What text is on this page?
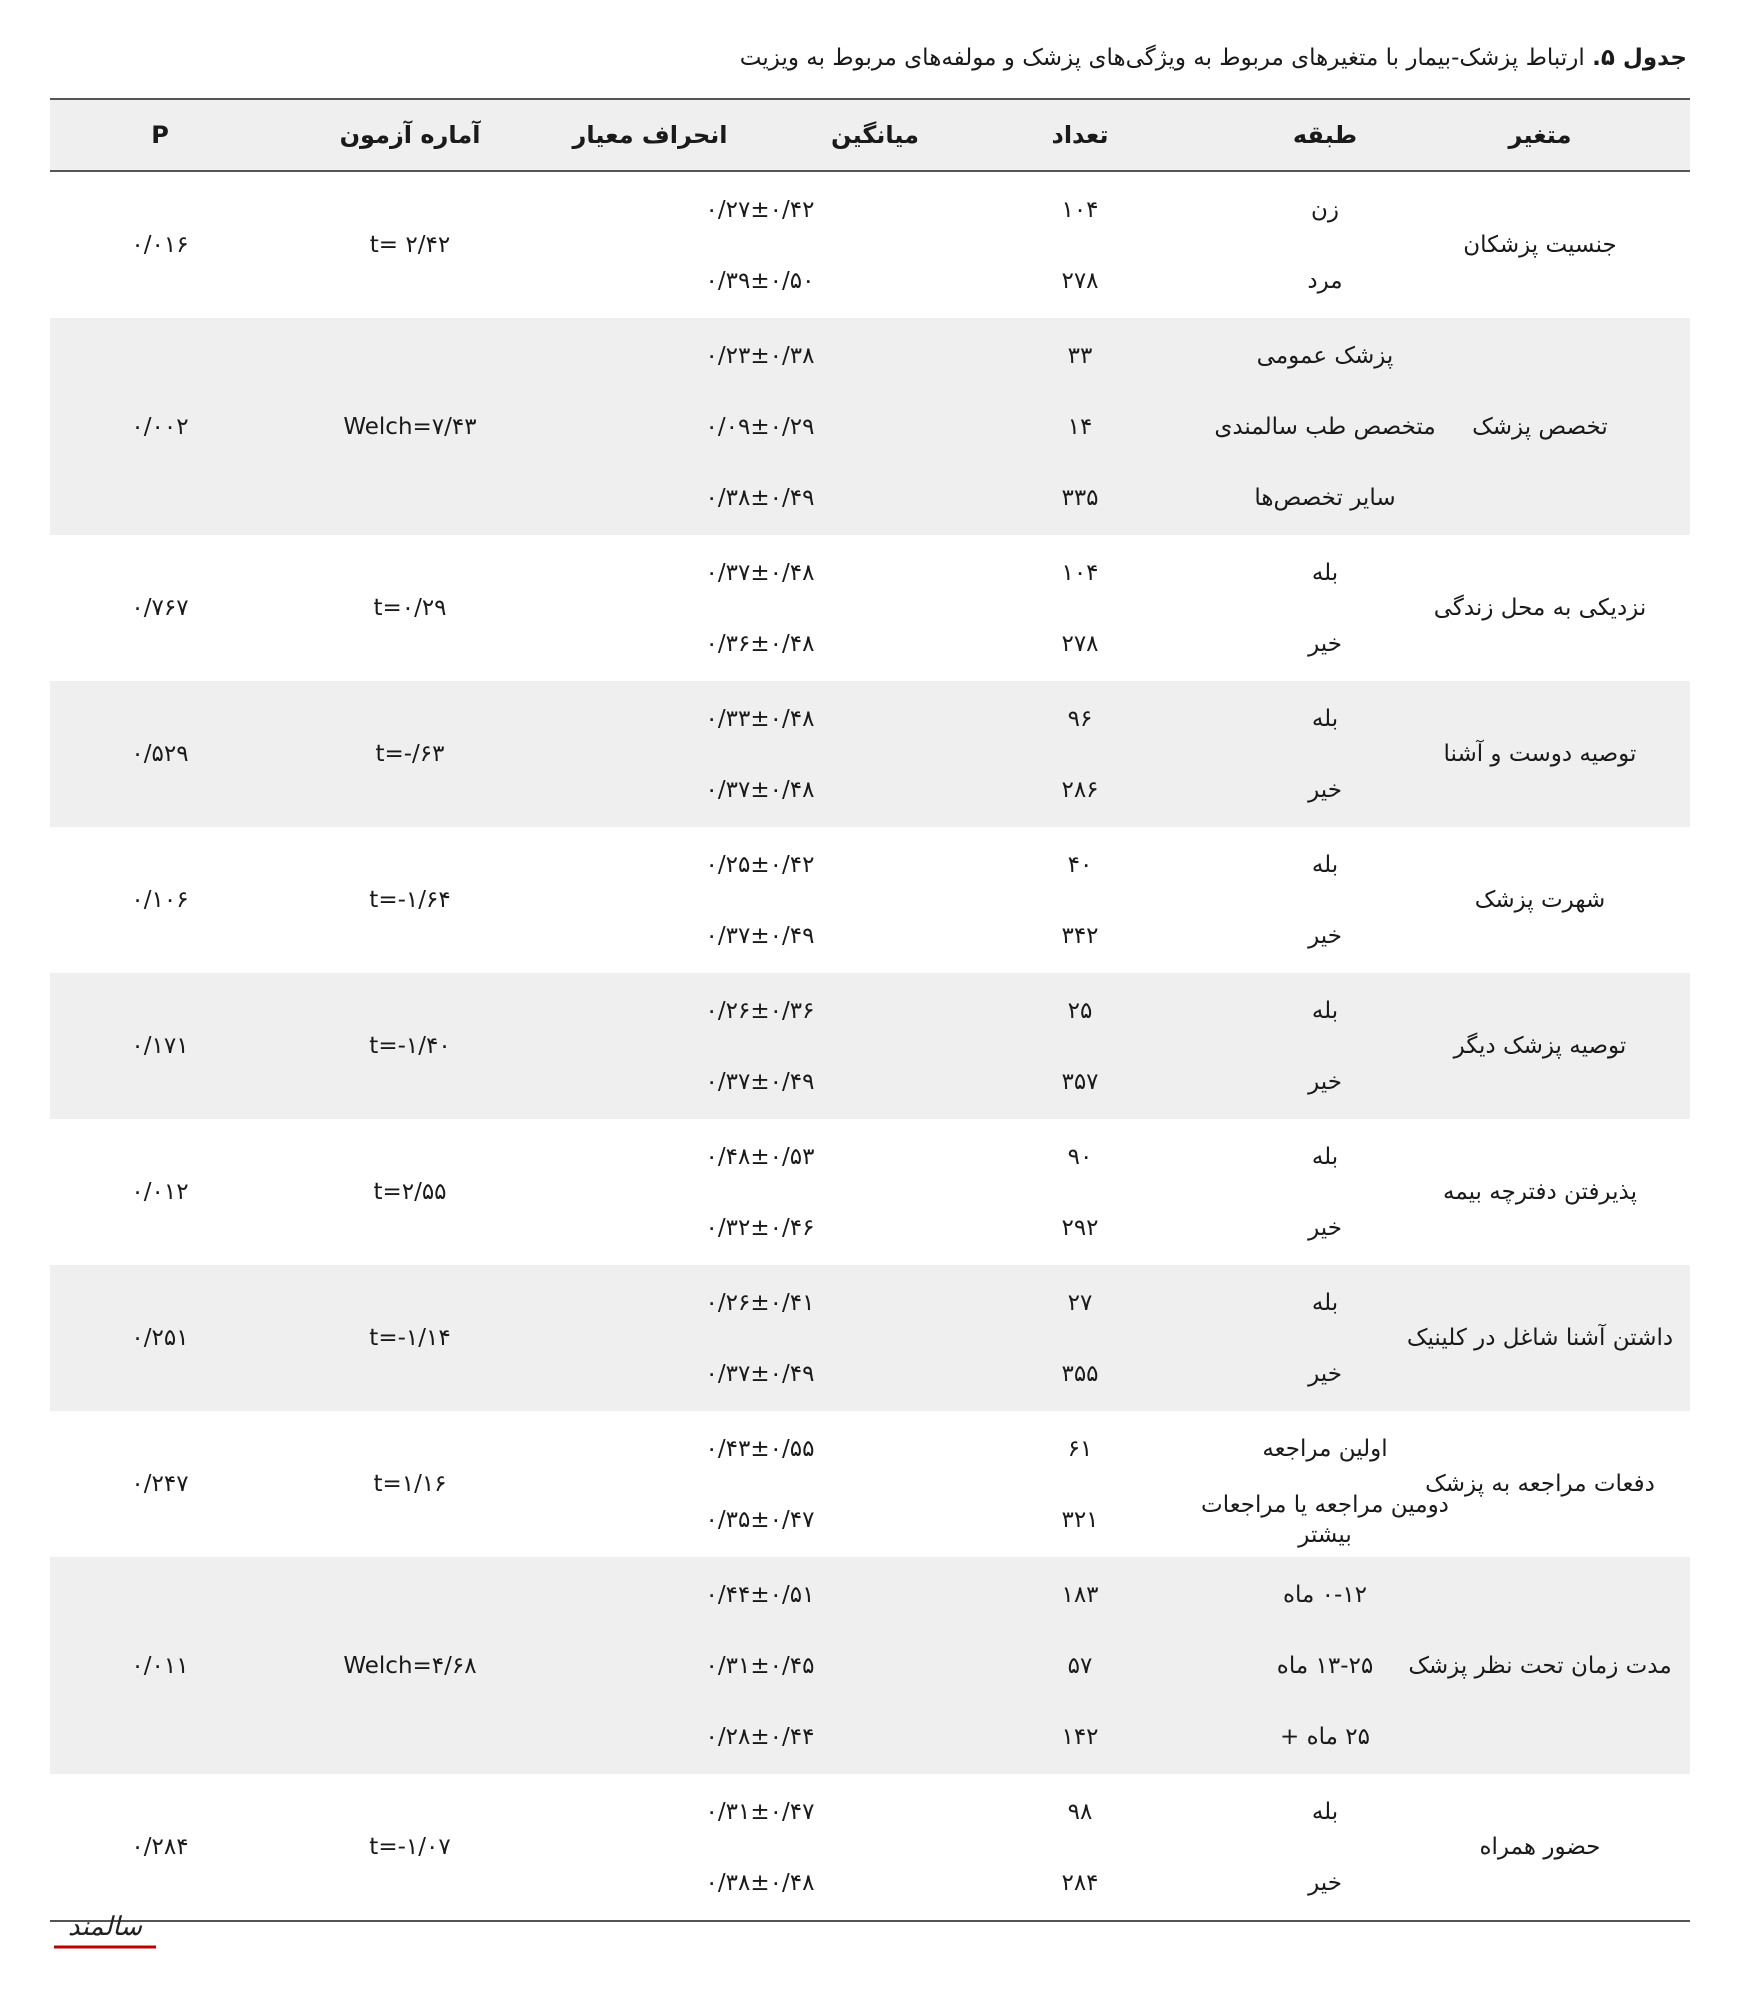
جدول ۵. ارتباط پزشک-بیمار با متغیرهای مربوط به ویژگی‌های پزشک و مولفه‌های مربوط به ویزیت
متغیر
طبقه
تعداد
میانگین
انحراف معیار
آماره آزمون
P
جنسیت پزشکان
t= ۲/۴۲
۰/۰۱۶
زن
۱۰۴
۰/۲۷±۰/۴۲
مرد
۲۷۸
۰/۳۹±۰/۵۰
تخصص پزشک
Welch=۷/۴۳
۰/۰۰۲
پزشک عمومی
۳۳
۰/۲۳±۰/۳۸
متخصص طب سالمندی
۱۴
۰/۰۹±۰/۲۹
سایر تخصص‌ها
۳۳۵
۰/۳۸±۰/۴۹
نزدیکی به محل زندگی
t=۰/۲۹
۰/۷۶۷
بله
۱۰۴
۰/۳۷±۰/۴۸
خیر
۲۷۸
۰/۳۶±۰/۴۸
توصیه دوست و آشنا
t=-/۶۳
۰/۵۲۹
بله
۹۶
۰/۳۳±۰/۴۸
خیر
۲۸۶
۰/۳۷±۰/۴۸
شهرت پزشک
t=-۱/۶۴
۰/۱۰۶
بله
۴۰
۰/۲۵±۰/۴۲
خیر
۳۴۲
۰/۳۷±۰/۴۹
توصیه پزشک دیگر
t=-۱/۴۰
۰/۱۷۱
بله
۲۵
۰/۲۶±۰/۳۶
خیر
۳۵۷
۰/۳۷±۰/۴۹
پذیرفتن دفترچه بیمه
t=۲/۵۵
۰/۰۱۲
بله
۹۰
۰/۴۸±۰/۵۳
خیر
۲۹۲
۰/۳۲±۰/۴۶
داشتن آشنا شاغل در کلینیک
t=-۱/۱۴
۰/۲۵۱
بله
۲۷
۰/۲۶±۰/۴۱
خیر
۳۵۵
۰/۳۷±۰/۴۹
دفعات مراجعه به پزشک
t=۱/۱۶
۰/۲۴۷
اولین مراجعه
۶۱
۰/۴۳±۰/۵۵
دومین مراجعه یا مراجعات بیشتر
۳۲۱
۰/۳۵±۰/۴۷
مدت زمان تحت نظر پزشک
Welch=۴/۶۸
۰/۰۱۱
۰-۱۲ ماه
۱۸۳
۰/۴۴±۰/۵۱
۱۳-۲۵ ماه
۵۷
۰/۳۱±۰/۴۵
۲۵ ماه +
۱۴۲
۰/۲۸±۰/۴۴
حضور همراه
t=-۱/۰۷
۰/۲۸۴
بله
۹۸
۰/۳۱±۰/۴۷
خیر
۲۸۴
۰/۳۸±۰/۴۸
سالمند
